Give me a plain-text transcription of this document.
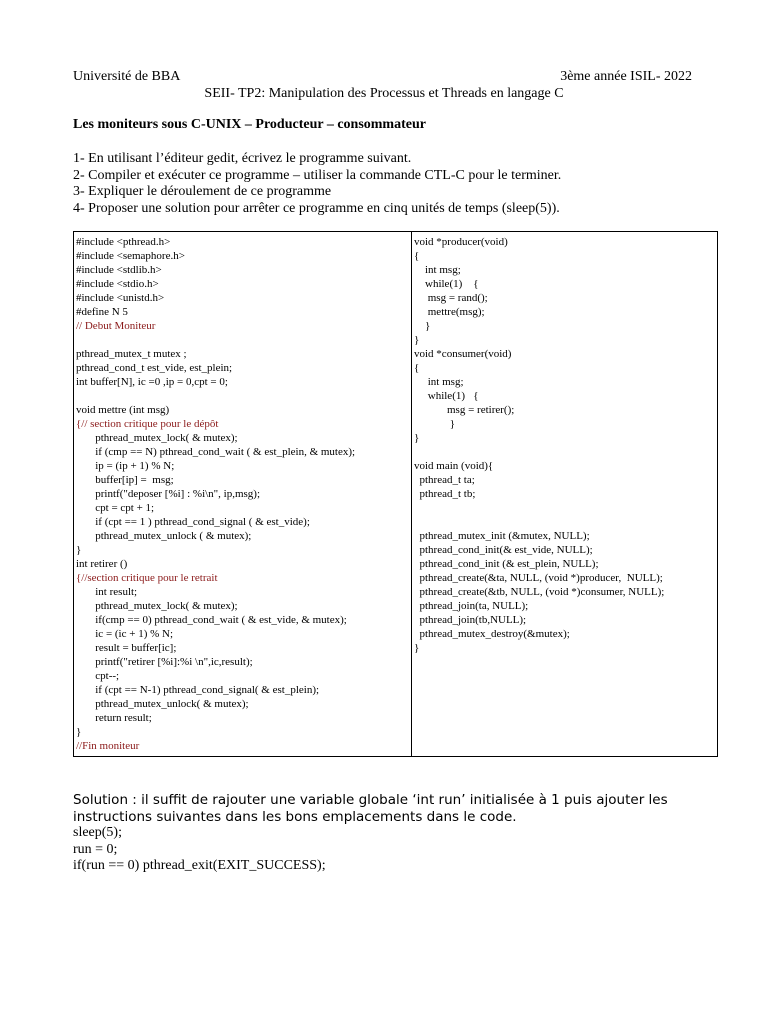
Université de BBA	3ème année ISIL- 2022
SEII- TP2: Manipulation des Processus et Threads en langage C
Les moniteurs sous C-UNIX – Producteur – consommateur
1- En utilisant l’éditeur gedit, écrivez le programme suivant.
2- Compiler et exécuter ce programme – utiliser la commande CTL-C pour le terminer.
3- Expliquer le déroulement de ce programme
4- Proposer une solution pour arrêter ce programme en cinq unités de temps (sleep(5)).
#include <pthread.h>
#include <semaphore.h>
#include <stdlib.h>
#include <stdio.h>
#include <unistd.h>
#define N 5
// Debut Moniteur
pthread_mutex_t mutex ;
pthread_cond_t est_vide, est_plein;
int buffer[N], ic =0 ,ip = 0,cpt = 0;
void mettre (int msg)
{// section critique pour le dépôt
pthread_mutex_lock( & mutex);
if (cmp == N) pthread_cond_wait ( & est_plein, & mutex);
ip = (ip + 1) % N;
buffer[ip] =  msg;
printf("deposer [%i] : %i\n", ip,msg);
cpt = cpt + 1;
if (cpt == 1 ) pthread_cond_signal ( & est_vide);
pthread_mutex_unlock ( & mutex);
}
int retirer ()
{//section critique pour le retrait
int result;
pthread_mutex_lock( & mutex);
if(cmp == 0) pthread_cond_wait ( & est_vide, & mutex);
ic = (ic + 1) % N;
result = buffer[ic];
printf("retirer [%i]:%i \n",ic,result);
cpt--;
if (cpt == N-1) pthread_cond_signal( & est_plein);
pthread_mutex_unlock( & mutex);
return result;
}
//Fin moniteur
void *producer(void)
{
int msg;
while(1)    {
msg = rand();
mettre(msg);
}
}
void *consumer(void)
{
int msg;
while(1)   {
msg = retirer();
}
}
void main (void){
pthread_t ta;
pthread_t tb;
pthread_mutex_init (&mutex, NULL);
pthread_cond_init(& est_vide, NULL);
pthread_cond_init (& est_plein, NULL);
pthread_create(&ta, NULL, (void *)producer,  NULL);
pthread_create(&tb, NULL, (void *)consumer, NULL);
pthread_join(ta, NULL);
pthread_join(tb,NULL);
pthread_mutex_destroy(&mutex);
}
Solution : il suffit de rajouter une variable globale ‘int run’ initialisée à 1 puis ajouter les
instructions suivantes dans les bons emplacements dans le code.
sleep(5);
run = 0;
if(run == 0) pthread_exit(EXIT_SUCCESS);
